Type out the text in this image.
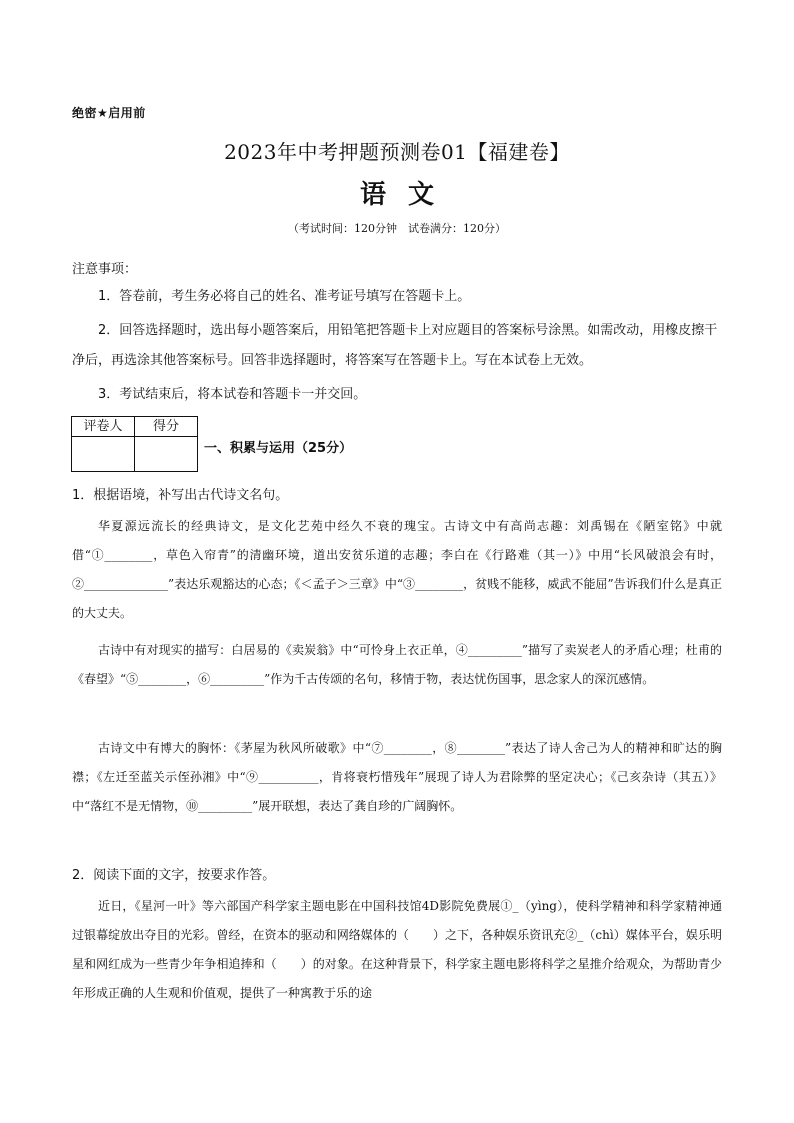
绝密★启用前
2023年中考押题预测卷01【福建卷】
语文
（考试时间：120分钟　试卷满分：120分）
注意事项：

1．答卷前，考生务必将自己的姓名、准考证号填写在答题卡上。

2．回答选择题时，选出每小题答案后，用铅笔把答题卡上对应题目的答案标号涂黑。如需改动，用橡皮擦干净后，再选涂其他答案标号。回答非选择题时，将答案写在答题卡上。写在本试卷上无效。

3．考试结束后，将本试卷和答题卡一并交回。

评卷人	得分

一、积累与运用（25分）
1．根据语境，补写出古代诗文名句。

华夏源远流长的经典诗文，是文化艺苑中经久不衰的瑰宝。古诗文中有高尚志趣：刘禹锡在《陋室铭》中就借“①________，草色入帘青”的清幽环境，道出安贫乐道的志趣；李白在《行路难（其一）》中用“长风破浪会有时，②______________”表达乐观豁达的心态；《＜孟子＞三章》中“③________，贫贱不能移，威武不能屈”告诉我们什么是真正的大丈夫。

古诗中有对现实的描写：白居易的《卖炭翁》中“可怜身上衣正单，④_________”描写了卖炭老人的矛盾心理；杜甫的《春望》“⑤________，⑥_________”作为千古传颂的名句，移情于物，表达忧伤国事，思念家人的深沉感情。

古诗文中有博大的胸怀：《茅屋为秋风所破歌》中“⑦________，⑧________”表达了诗人舍己为人的精神和旷达的胸襟；《左迁至蓝关示侄孙湘》中“⑨__________，肯将衰朽惜残年”展现了诗人为君除弊的坚定决心；《己亥杂诗（其五）》中“落红不是无情物，⑩_________”展开联想，表达了龚自珍的广阔胸怀。

2．阅读下面的文字，按要求作答。

近日，《星河一叶》等六部国产科学家主题电影在中国科技馆4D影院免费展①_（yìng），使科学精神和科学家精神通过银幕绽放出夺目的光彩。曾经，在资本的驱动和网络媒体的（　　）之下，各种娱乐资讯充②_（chì）媒体平台，娱乐明星和网红成为一些青少年争相追捧和（　　）的对象。在这种背景下，科学家主题电影将科学之星推介给观众，为帮助青少年形成正确的人生观和价值观，提供了一种寓教于乐的途
